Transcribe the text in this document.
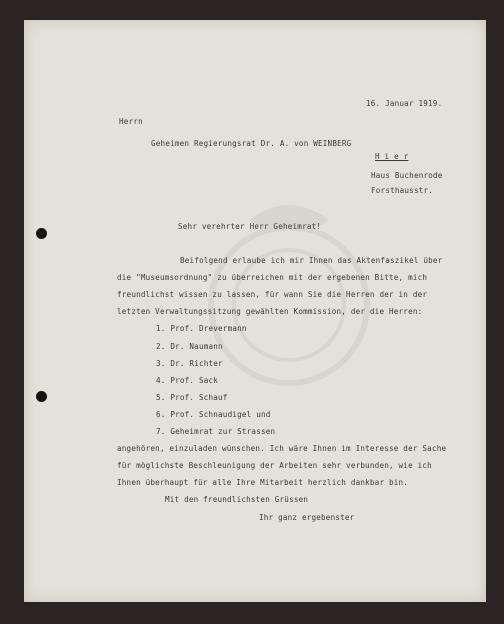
16. Januar 1919.

Herrn

Geheimen Regierungsrat Dr. A. von WEINBERG

H i e r

Haus Buchenrode

Forsthausstr.

Sehr verehrter Herr Geheimrat!

Beifolgend erlaube ich mir Ihnen das Aktenfaszikel über

die "Museumsordnung" zu überreichen mit der ergebenen Bitte, mich

freundlichst wissen zu lassen, für wann Sie die Herren der in der

letzten Verwaltungssitzung gewählten Kommission, der die Herren:

1. Prof. Drevermann

2. Dr. Naumann

3. Dr. Richter

4. Prof. Sack

5. Prof. Schauf

6. Prof. Schnaudigel und

7. Geheimrat zur Strassen

angehören, einzuladen wünschen. Ich wäre Ihnen im Interesse der Sache

für möglichste Beschleunigung der Arbeiten sehr verbunden, wie ich

Ihnen überhaupt für alle Ihre Mitarbeit herzlich dankbar bin.

Mit den freundlichsten Grüssen

Ihr ganz ergebenster
